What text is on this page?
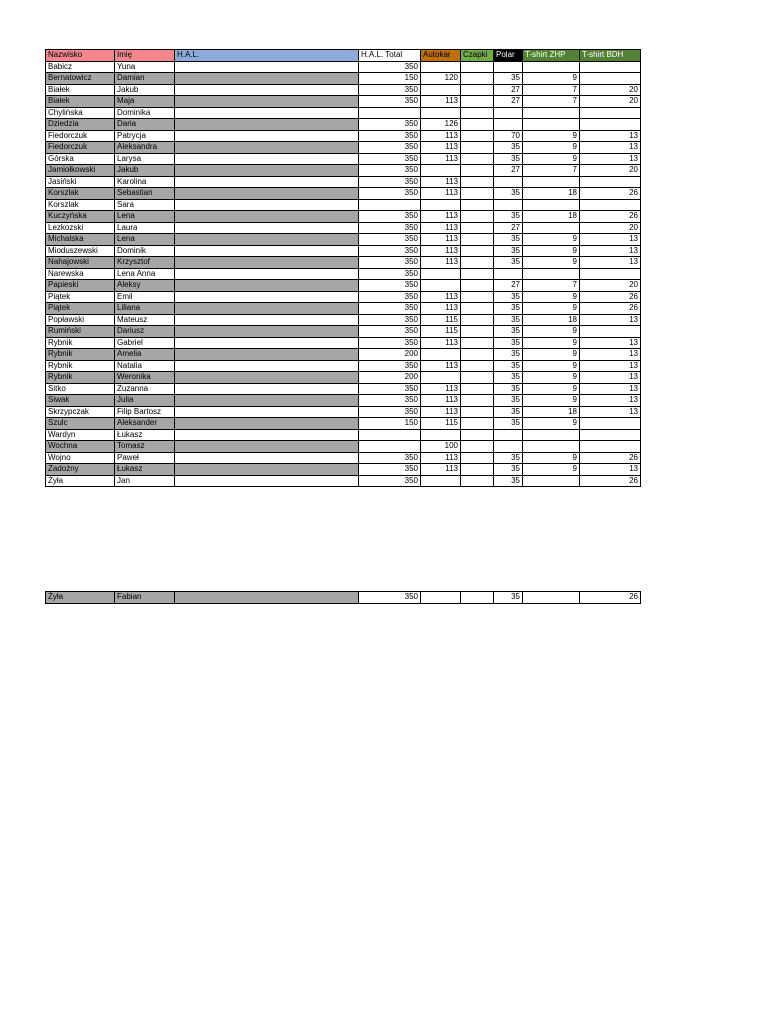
Nazwisko	Imię	H.A.L.	H.A.L. Total	Autokar	Czapki	Polar	T-shirt ZHP	T-shirt BDH
Babicz	Yuna		350					
Bernatowicz	Damian		150	120		35	9	
Białek	Jakub		350			27	7	20
Białek	Maja		350	113		27	7	20
Chylińska	Dominika							
Dziedzia	Daria		350	126				
Fiedorczuk	Patrycja		350	113		70	9	13
Fiedorczuk	Aleksandra		350	113		35	9	13
Górska	Larysa		350	113		35	9	13
Jamiołkowski	Jakub		350			27	7	20
Jasiński	Karolina		350	113				
Korszlak	Sebastian		350	113		35	18	26
Korszlak	Sara							
Kuczyńska	Lena		350	113		35	18	26
Lezkozski	Laura		350	113		27		20
Michalska	Lena		350	113		35	9	13
Mioduszewski	Dominik		350	113		35	9	13
Nahajowski	Krzysztof		350	113		35	9	13
Narewska	Lena Anna		350					
Papieski	Aleksy		350			27	7	20
Piątek	Emil		350	113		35	9	26
Piątek	Liliana		350	113		35	9	26
Popławski	Mateusz		350	115		35	18	13
Rumiński	Dariusz		350	115		35	9	
Rybnik	Gabriel		350	113		35	9	13
Rybnik	Amelia		200			35	9	13
Rybnik	Natalia		350	113		35	9	13
Rybnik	Weronika		200			35	9	13
Sitko	Zuzanna		350	113		35	9	13
Siwak	Julia		350	113		35	9	13
Skrzypczak	Filip Bartosz		350	113		35	18	13
Szulc	Aleksander		150	115		35	9	
Wardyn	Łukasz							
Wochna	Tomasz			100				
Wojno	Paweł		350	113		35	9	26
Zadożny	Łukasz		350	113		35	9	13
Żyła	Jan		350			35		26
Żyła	Fabian		350			35		26
